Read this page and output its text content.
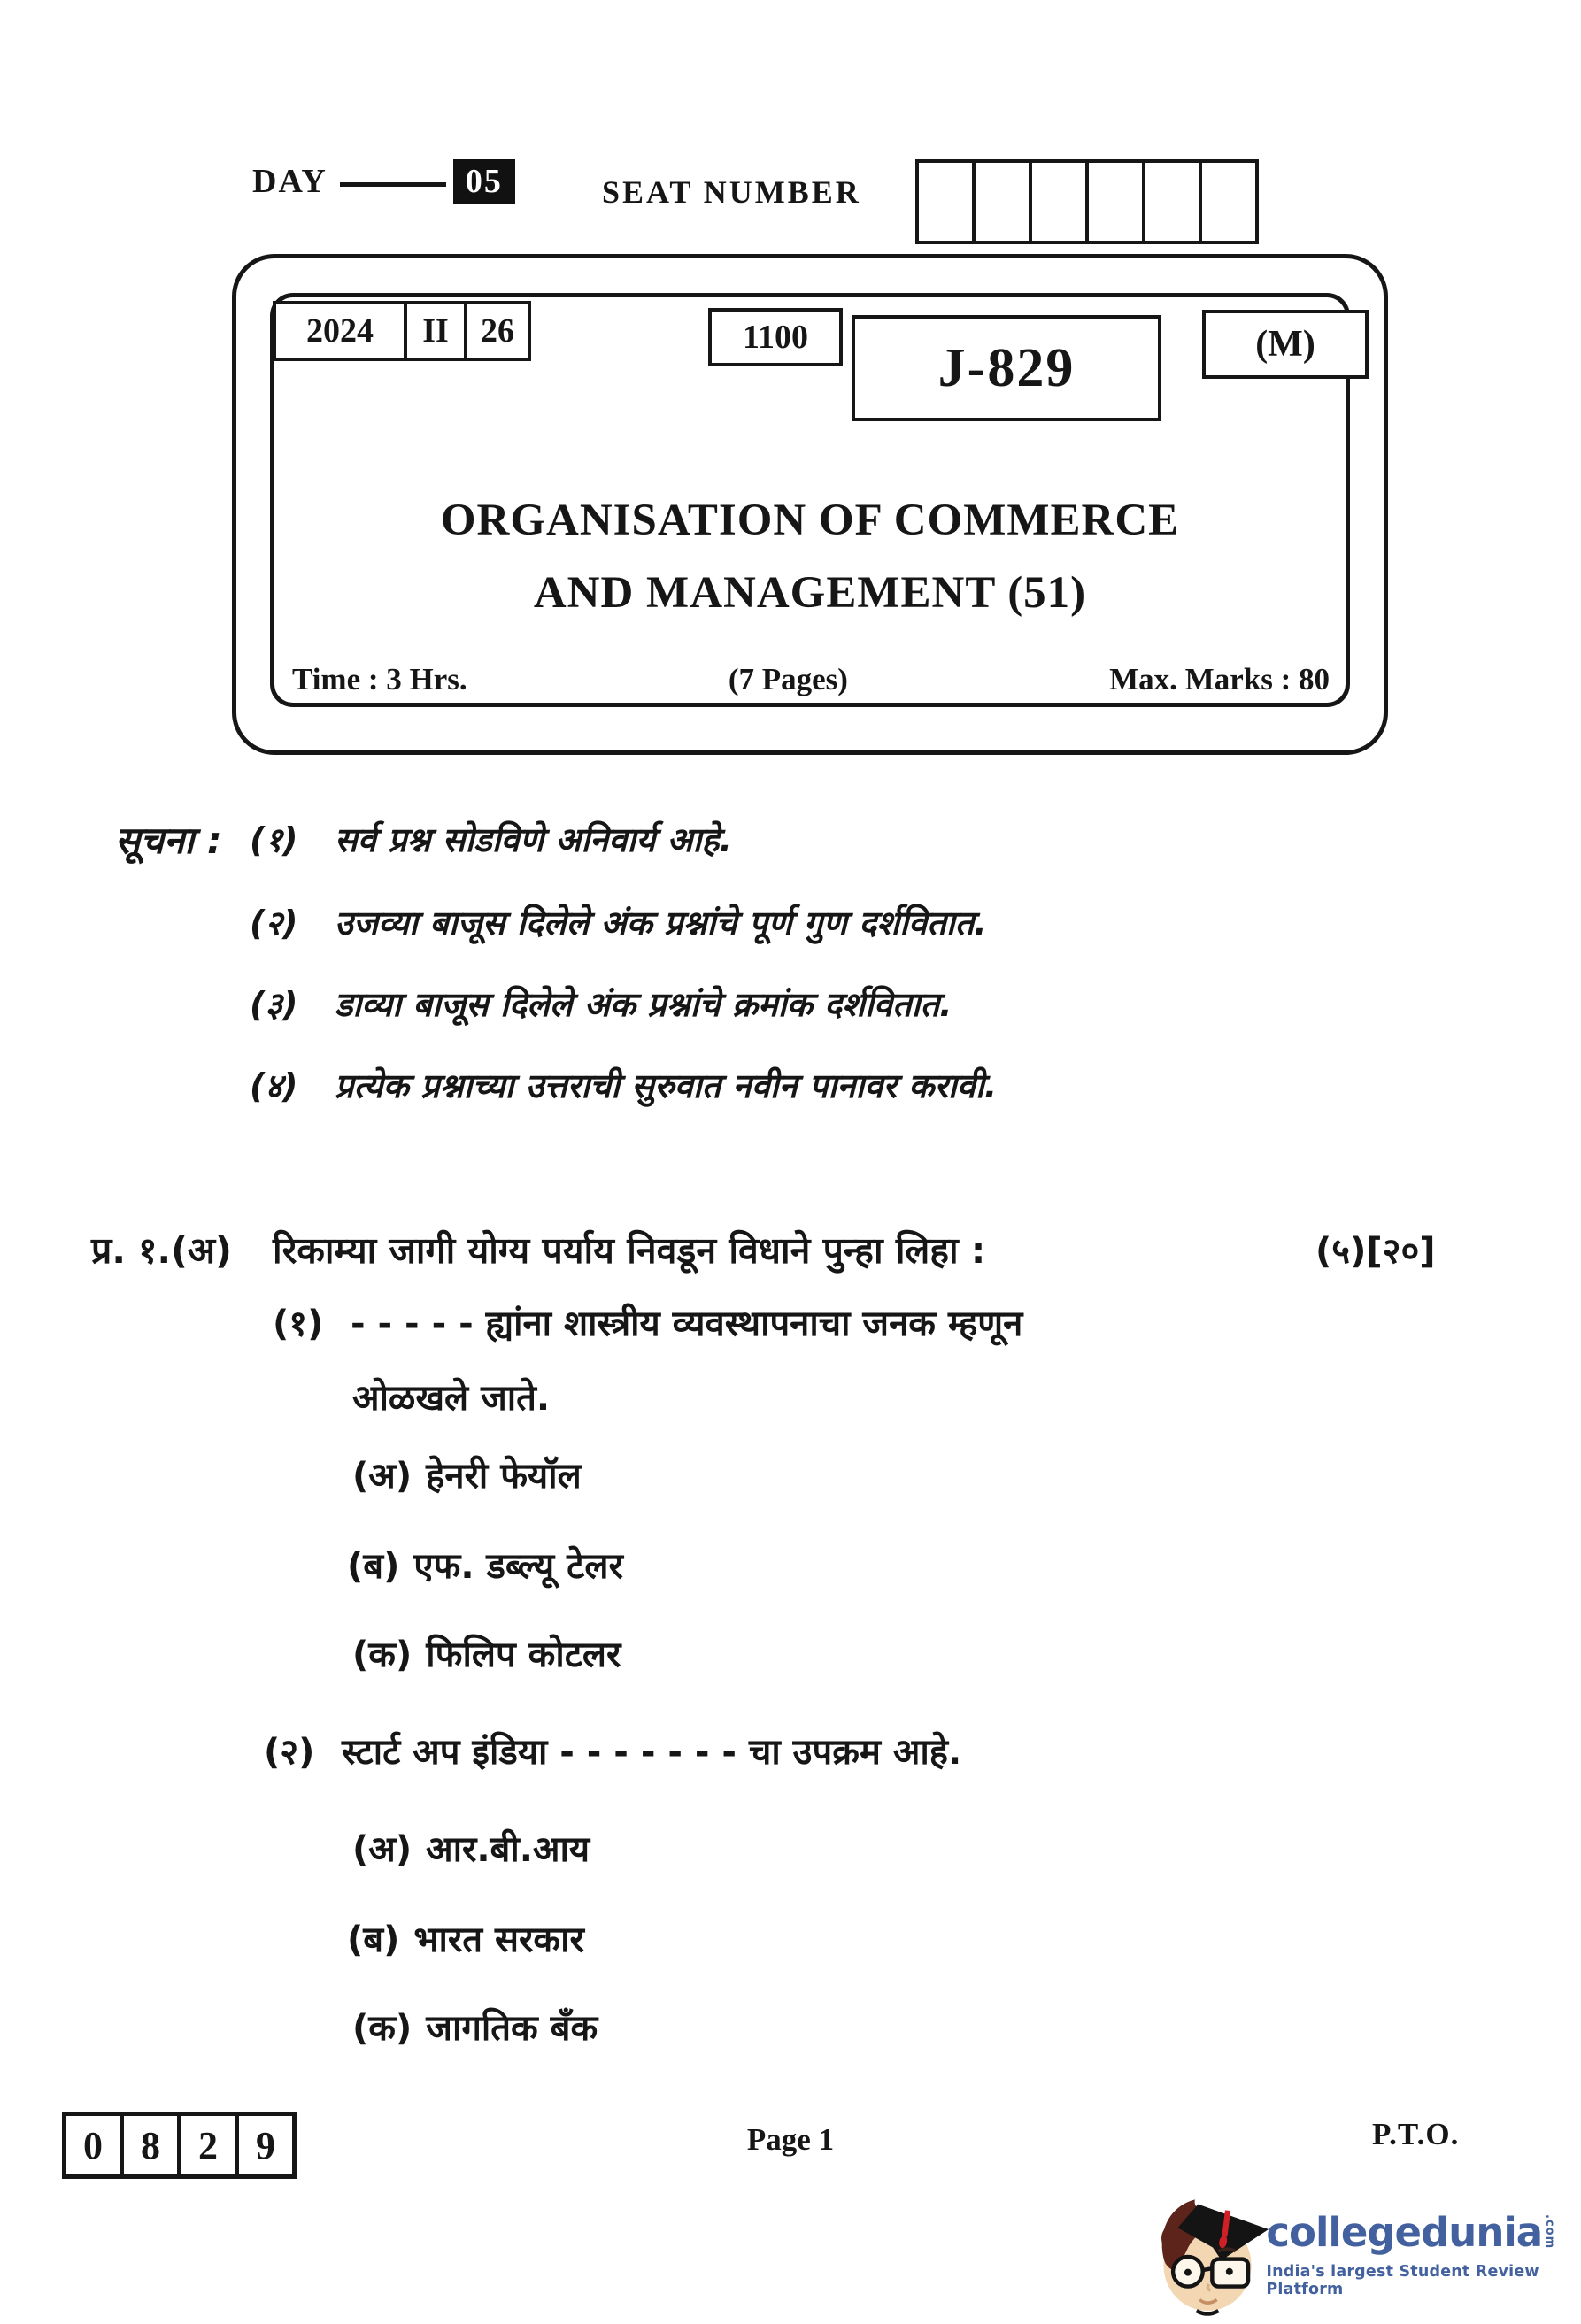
DAY	05	SEAT NUMBER
2024	II 26	1100
J-829	(M)
ORGANISATION OF COMMERCE
AND MANAGEMENT (51)
Time : 3 Hrs.	(7 Pages)	Max. Marks : 80
सूचना : (१)	सर्व प्रश्न सोडविणे अनिवार्य आहे.
(२)	उजव्या बाजूस दिलेले अंक प्रश्नांचे पूर्ण गुण दर्शवितात.
(३)	डाव्या बाजूस दिलेले अंक प्रश्नांचे क्रमांक दर्शवितात.
(४)	प्रत्येक प्रश्नाच्या उत्तराची सुरुवात नवीन पानावर करावी.
प्र. १.(अ)	रिकाम्या जागी योग्य पर्याय निवडून विधाने पुन्हा लिहा :	(५)[२०]
(१) - - - - - ह्यांना शास्त्रीय व्यवस्थापनाचा जनक म्हणून
ओळखले जाते.
(अ) हेनरी फेयॉल
(ब) एफ. डब्ल्यू टेलर
(क) फिलिप कोटलर
(२) स्टार्ट अप इंडिया - - - - - - - चा उपक्रम आहे.
(अ) आर.बी.आय
(ब) भारत सरकार
(क) जागतिक बँक
0 8 2 9	Page 1	P.T.O.
collegedunia .com
India's largest Student Review Platform
